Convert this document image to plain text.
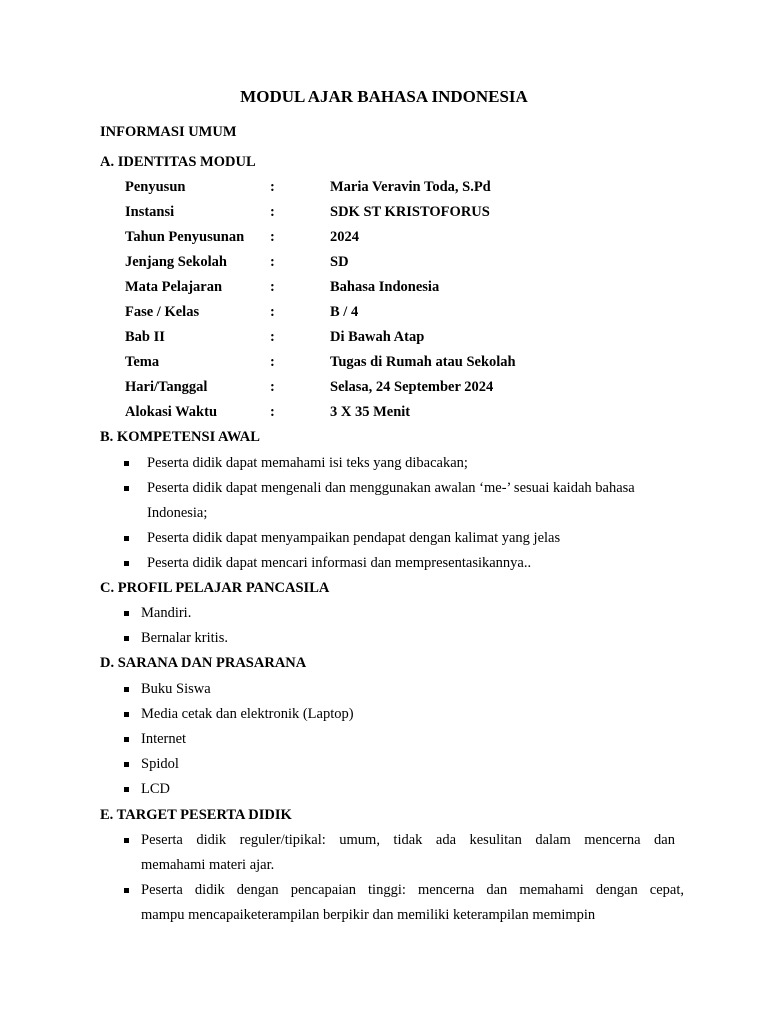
MODUL AJAR BAHASA INDONESIA
INFORMASI UMUM
A. IDENTITAS MODUL
Penyusun	:	Maria Veravin Toda, S.Pd
Instansi	:	SDK ST KRISTOFORUS
Tahun Penyusunan :	2024
Jenjang Sekolah	:	SD
Mata Pelajaran	:	Bahasa Indonesia
Fase / Kelas	:	B / 4
Bab II	:	Di Bawah Atap
Tema	:	Tugas di Rumah atau Sekolah
Hari/Tanggal	:	Selasa, 24 September 2024
Alokasi Waktu	:	3 X 35 Menit
B. KOMPETENSI AWAL
Peserta didik dapat memahami isi teks yang dibacakan;
Peserta didik dapat mengenali dan menggunakan awalan ‘me-’ sesuai kaidah bahasa
Indonesia;
Peserta didik dapat menyampaikan pendapat dengan kalimat yang jelas
Peserta didik dapat mencari informasi dan mempresentasikannya..
C. PROFIL PELAJAR PANCASILA
Mandiri.
Bernalar kritis.
D. SARANA DAN PRASARANA
Buku Siswa
Media cetak dan elektronik (Laptop)
Internet
Spidol
LCD
E. TARGET PESERTA DIDIK
Peserta didik reguler/tipikal: umum, tidak ada kesulitan dalam mencerna dan
memahami materi ajar.
Peserta didik dengan pencapaian tinggi: mencerna dan memahami dengan cepat,
mampu mencapaiketerampilan berpikir dan memiliki keterampilan memimpin
